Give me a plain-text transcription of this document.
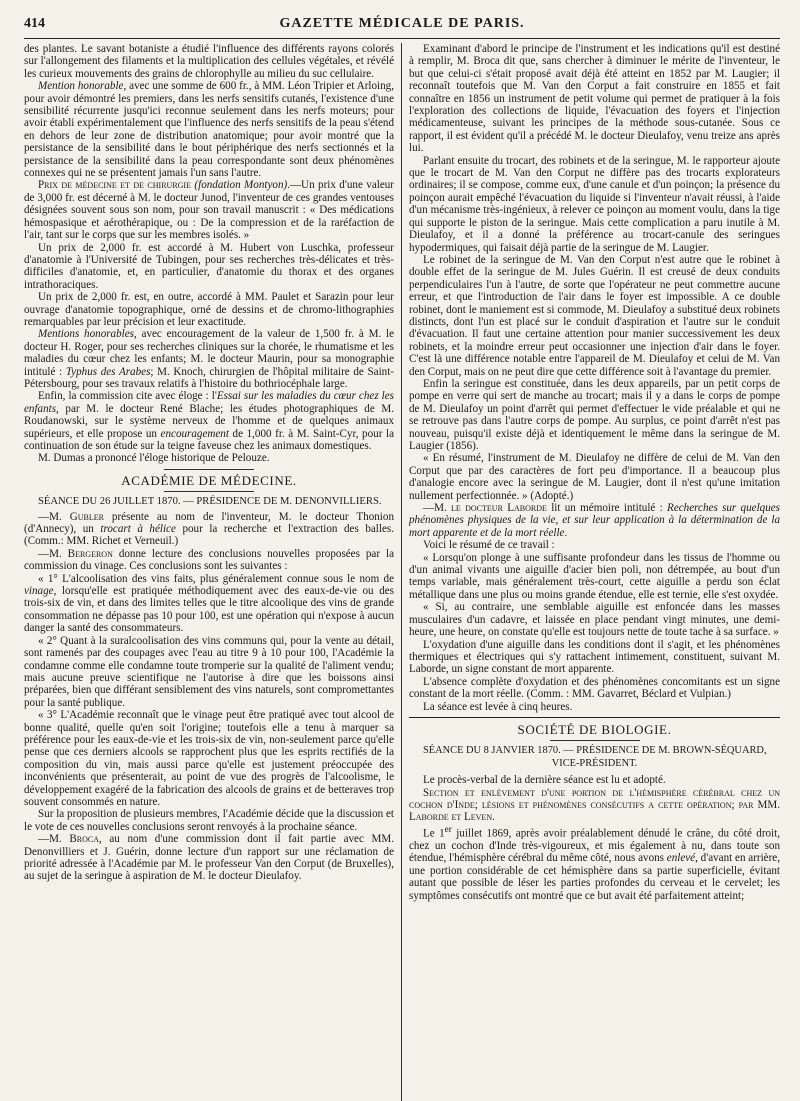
414	GAZETTE MÉDICALE DE PARIS.

des plantes. Le savant botaniste a étudié l'influence des différents rayons colorés sur l'allongement des filaments et la multiplication des cellules végétales, et révélé les curieux mouvements des grains de chlorophylle au milieu du suc cellulaire.

Mention honorable, avec une somme de 600 fr., à MM. Léon Tripier et Arloing, pour avoir démontré les premiers, dans les nerfs sensitifs cutanés, l'existence d'une sensibilité récurrente jusqu'ici reconnue seulement dans les nerfs moteurs; pour avoir établi expérimentalement que l'influence des nerfs sensitifs de la peau s'étend en dehors de leur zone de distribution anatomique; pour avoir montré que la persistance de la sensibilité dans le bout périphérique des nerfs sectionnés et la persistance de la sensibilité dans la peau correspondante sont deux phénomènes connexes qui ne se présentent jamais l'un sans l'autre.

Prix de médecine et de chirurgie (fondation Montyon).—Un prix d'une valeur de 3,000 fr. est décerné à M. le docteur Junod, l'inventeur de ces grandes ventouses désignées souvent sous son nom, pour son travail manuscrit : « Des médications hémospasique et aérothérapique, ou : De la compression et de la raréfaction de l'air, tant sur le corps que sur les membres isolés. »

Un prix de 2,000 fr. est accordé à M. Hubert von Luschka, professeur d'anatomie à l'Université de Tubingen, pour ses recherches très-délicates et très-difficiles d'anatomie, et, en particulier, d'anatomie du thorax et des organes intrathoraciques.

Un prix de 2,000 fr. est, en outre, accordé à MM. Paulet et Sarazin pour leur ouvrage d'anatomie topographique, orné de dessins et de chromo-lithographies remarquables par leur précision et leur exactitude.

Mentions honorables, avec encouragement de la valeur de 1,500 fr. à M. le docteur H. Roger, pour ses recherches cliniques sur la chorée, le rhumatisme et les maladies du cœur chez les enfants; M. le docteur Maurin, pour sa monographie intitulé : Typhus des Arabes; M. Knoch, chirurgien de l'hôpital militaire de Saint-Pétersbourg, pour ses travaux relatifs à l'histoire du bothriocéphale large.

Enfin, la commission cite avec éloge : l'Essai sur les maladies du cœur chez les enfants, par M. le docteur René Blache; les études photographiques de M. Roudanowski, sur le système nerveux de l'homme et de quelques animaux supérieurs, et elle propose un encouragement de 1,000 fr. à M. Saint-Cyr, pour la continuation de son étude sur la teigne faveuse chez les animaux domestiques.

M. Dumas a prononcé l'éloge historique de Pelouze.

ACADÉMIE DE MÉDECINE.

SÉANCE DU 26 JUILLET 1870. — PRÉSIDENCE DE M. DENONVILLIERS.

—M. Gubler présente au nom de l'inventeur, M. le docteur Thonion (d'Annecy), un trocart à hélice pour la recherche et l'extraction des balles. (Comm.: MM. Richet et Verneuil.)

—M. Bergeron donne lecture des conclusions nouvelles proposées par la commission du vinage. Ces conclusions sont les suivantes :

« 1° L'alcoolisation des vins faits, plus généralement connue sous le nom de vinage, lorsqu'elle est pratiquée méthodiquement avec des eaux-de-vie ou des trois-six de vin, et dans des limites telles que le titre alcoolique des vins de grande consommation ne dépasse pas 10 pour 100, est une opération qui n'expose à aucun danger la santé des consommateurs.

« 2° Quant à la suralcoolisation des vins communs qui, pour la vente au détail, sont ramenés par des coupages avec l'eau au titre 9 à 10 pour 100, l'Académie la condamne comme elle condamne toute tromperie sur la qualité de l'aliment vendu; mais aucune preuve scientifique ne l'autorise à dire que les boissons ainsi préparées, bien que différant sensiblement des vins naturels, sont compromettantes pour la santé publique.

« 3° L'Académie reconnaît que le vinage peut être pratiqué avec tout alcool de bonne qualité, quelle qu'en soit l'origine; toutefois elle a tenu à marquer sa préférence pour les eaux-de-vie et les trois-six de vin, non-seulement parce qu'elle pense que ces derniers alcools se rapprochent plus que les esprits rectifiés de la composition du vin, mais aussi parce qu'elle est justement préoccupée des inconvénients que présenterait, au point de vue des progrès de l'alcoolisme, le développement exagéré de la fabrication des alcools de grains et de betteraves trop souvent consommés en nature.

Sur la proposition de plusieurs membres, l'Académie décide que la discussion et le vote de ces nouvelles conclusions seront renvoyés à la prochaine séance.

—M. Broca, au nom d'une commission dont il fait partie avec MM. Denonvilliers et J. Guérin, donne lecture d'un rapport sur une réclamation de priorité adressée à l'Académie par M. le professeur Van den Corput (de Bruxelles), au sujet de la seringue à aspiration de M. le docteur Dieulafoy.

Examinant d'abord le principe de l'instrument et les indications qu'il est destiné à remplir, M. Broca dit que, sans chercher à diminuer le mérite de l'inventeur, le but que celui-ci s'était proposé avait déjà été atteint en 1852 par M. Laugier; il reconnaît toutefois que M. Van den Corput a fait construire en 1855 et fait connaître en 1856 un instrument de petit volume qui permet de pratiquer à la fois l'exploration des collections de liquide, l'évacuation des foyers et l'injection médicamenteuse, suivant les principes de la méthode sous-cutanée. Sous ce rapport, il est évident qu'il a précédé M. le docteur Dieulafoy, venu treize ans après lui.

Parlant ensuite du trocart, des robinets et de la seringue, M. le rapporteur ajoute que le trocart de M. Van den Corput ne diffère pas des trocarts explorateurs ordinaires; il se compose, comme eux, d'une canule et d'un poinçon; la présence du poinçon aurait empêché l'évacuation du liquide si l'inventeur n'avait réussi, à l'aide d'un mécanisme très-ingénieux, à relever ce poinçon au moment voulu, dans la tige qui supporte le piston de la seringue. Mais cette complication a paru inutile à M. Dieulafoy, et il a donné la préférence au trocart-canule des seringues hypodermiques, qui faisait déjà partie de la seringue de M. Laugier.

Le robinet de la seringue de M. Van den Corput n'est autre que le robinet à double effet de la seringue de M. Jules Guérin. Il est creusé de deux conduits perpendiculaires l'un à l'autre, de sorte que l'opérateur ne peut commettre aucune erreur, et que l'introduction de l'air dans le foyer est impossible. A ce double robinet, dont le maniement est si commode, M. Dieulafoy a substitué deux robinets distincts, dont l'un est placé sur le conduit d'aspiration et l'autre sur le conduit d'évacuation. Il faut une certaine attention pour manier successivement les deux robinets, et la moindre erreur peut occasionner une injection d'air dans le foyer. C'est là une différence notable entre l'appareil de M. Dieulafoy et celui de M. Van den Corput, mais on ne peut dire que cette différence soit à l'avantage du premier.

Enfin la seringue est constituée, dans les deux appareils, par un petit corps de pompe en verre qui sert de manche au trocart; mais il y a dans le corps de pompe de M. Dieulafoy un point d'arrêt qui permet d'effectuer le vide préalable et qui ne se retrouve pas dans l'autre corps de pompe. Au surplus, ce point d'arrêt n'est pas nouveau, puisqu'il existe déjà et identiquement le même dans la seringue de M. Laugier (1856).

« En résumé, l'instrument de M. Dieulafoy ne diffère de celui de M. Van den Corput que par des caractères de fort peu d'importance. Il a beaucoup plus d'analogie encore avec la seringue de M. Laugier, dont il n'est qu'une imitation nullement perfectionnée. » (Adopté.)

—M. le docteur Laborde lit un mémoire intitulé : Recherches sur quelques phénomènes physiques de la vie, et sur leur application à la détermination de la mort apparente et de la mort réelle.

Voici le résumé de ce travail :

« Lorsqu'on plonge à une suffisante profondeur dans les tissus de l'homme ou d'un animal vivants une aiguille d'acier bien poli, non détrempée, au bout d'un temps variable, mais généralement très-court, cette aiguille a perdu son éclat métallique dans une plus ou moins grande étendue, elle est ternie, elle s'est oxydée.

« Si, au contraire, une semblable aiguille est enfoncée dans les masses musculaires d'un cadavre, et laissée en place pendant vingt minutes, une demi-heure, une heure, on constate qu'elle est toujours nette de toute tache à sa surface. »

L'oxydation d'une aiguille dans les conditions dont il s'agit, et les phénomènes thermiques et électriques qui s'y rattachent intimement, constituent, suivant M. Laborde, un signe constant de mort apparente.

L'absence complète d'oxydation et des phénomènes concomitants est un signe constant de la mort réelle. (Comm. : MM. Gavarret, Béclard et Vulpian.)

La séance est levée à cinq heures.

SOCIÉTÉ DE BIOLOGIE.

SÉANCE DU 8 JANVIER 1870. — PRÉSIDENCE DE M. BROWN-SÉQUARD,
VICE-PRÉSIDENT.

Le procès-verbal de la dernière séance est lu et adopté.

Section et enlèvement d'une portion de l'hémisphère cérébral chez un cochon d'Inde; lésions et phénomènes consécutifs a cette opération; par MM. Laborde et Leven.

Le 1er juillet 1869, après avoir préalablement dénudé le crâne, du côté droit, chez un cochon d'Inde très-vigoureux, et mis également à nu, dans toute son étendue, l'hémisphère cérébral du même côté, nous avons enlevé, d'avant en arrière, une portion considérable de cet hémisphère dans sa partie superficielle, évitant autant que possible de léser les parties profondes du cerveau et le cervelet; les symptômes consécutifs ont montré que ce but avait été parfaitement atteint;
